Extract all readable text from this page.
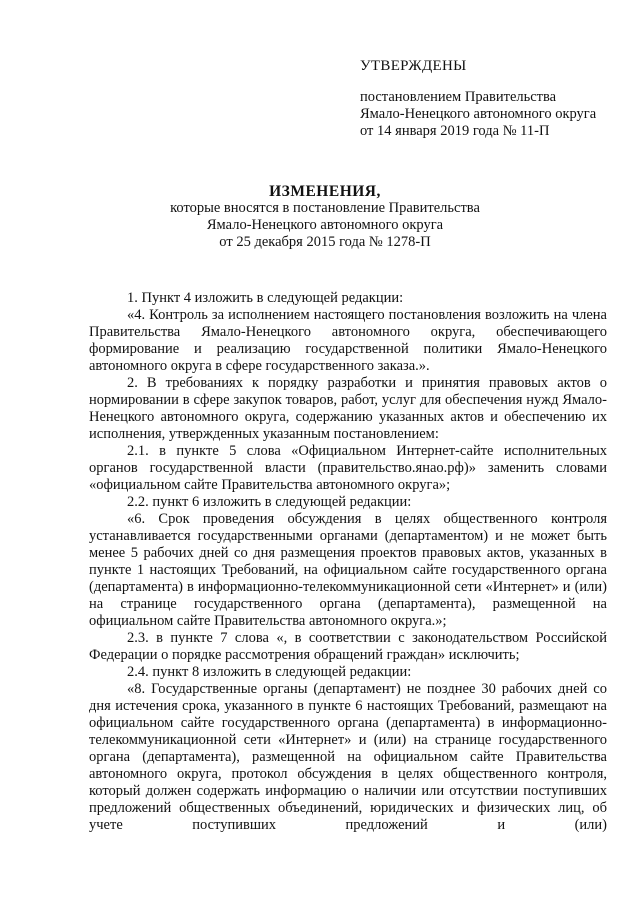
УТВЕРЖДЕНЫ
постановлением Правительства
Ямало-Ненецкого автономного округа
от 14 января 2019 года № 11-П
ИЗМЕНЕНИЯ,
которые вносятся в постановление Правительства
Ямало-Ненецкого автономного округа
от 25 декабря 2015 года № 1278-П

1. Пункт 4 изложить в следующей редакции:

«4. Контроль за исполнением настоящего постановления возложить на члена Правительства Ямало-Ненецкого автономного округа, обеспечивающего формирование и реализацию государственной политики Ямало-Ненецкого автономного округа в сфере государственного заказа.».

2. В требованиях к порядку разработки и принятия правовых актов о нормировании в сфере закупок товаров, работ, услуг для обеспечения нужд Ямало-Ненецкого автономного округа, содержанию указанных актов и обеспечению их исполнения, утвержденных указанным постановлением:

2.1. в пункте 5 слова «Официальном Интернет-сайте исполнительных органов государственной власти (правительство.янао.рф)» заменить словами «официальном сайте Правительства автономного округа»;

2.2. пункт 6 изложить в следующей редакции:

«6. Срок проведения обсуждения в целях общественного контроля устанавливается государственными органами (департаментом) и не может быть менее 5 рабочих дней со дня размещения проектов правовых актов, указанных в пункте 1 настоящих Требований, на официальном сайте государственного органа (департамента) в информационно-телекоммуникационной сети «Интернет» и (или) на странице государственного органа (департамента), размещенной на официальном сайте Правительства автономного округа.»;

2.3. в пункте 7 слова «, в соответствии с законодательством Российской Федерации о порядке рассмотрения обращений граждан» исключить;

2.4. пункт 8 изложить в следующей редакции:

«8. Государственные органы (департамент) не позднее 30 рабочих дней со дня истечения срока, указанного в пункте 6 настоящих Требований, размещают на официальном сайте государственного органа (департамента) в информационно-телекоммуникационной сети «Интернет» и (или) на странице государственного органа (департамента), размещенной на официальном сайте Правительства автономного округа, протокол обсуждения в целях общественного контроля, который должен содержать информацию о наличии или отсутствии поступивших предложений общественных объединений, юридических и физических лиц, об учете поступивших предложений и (или)
